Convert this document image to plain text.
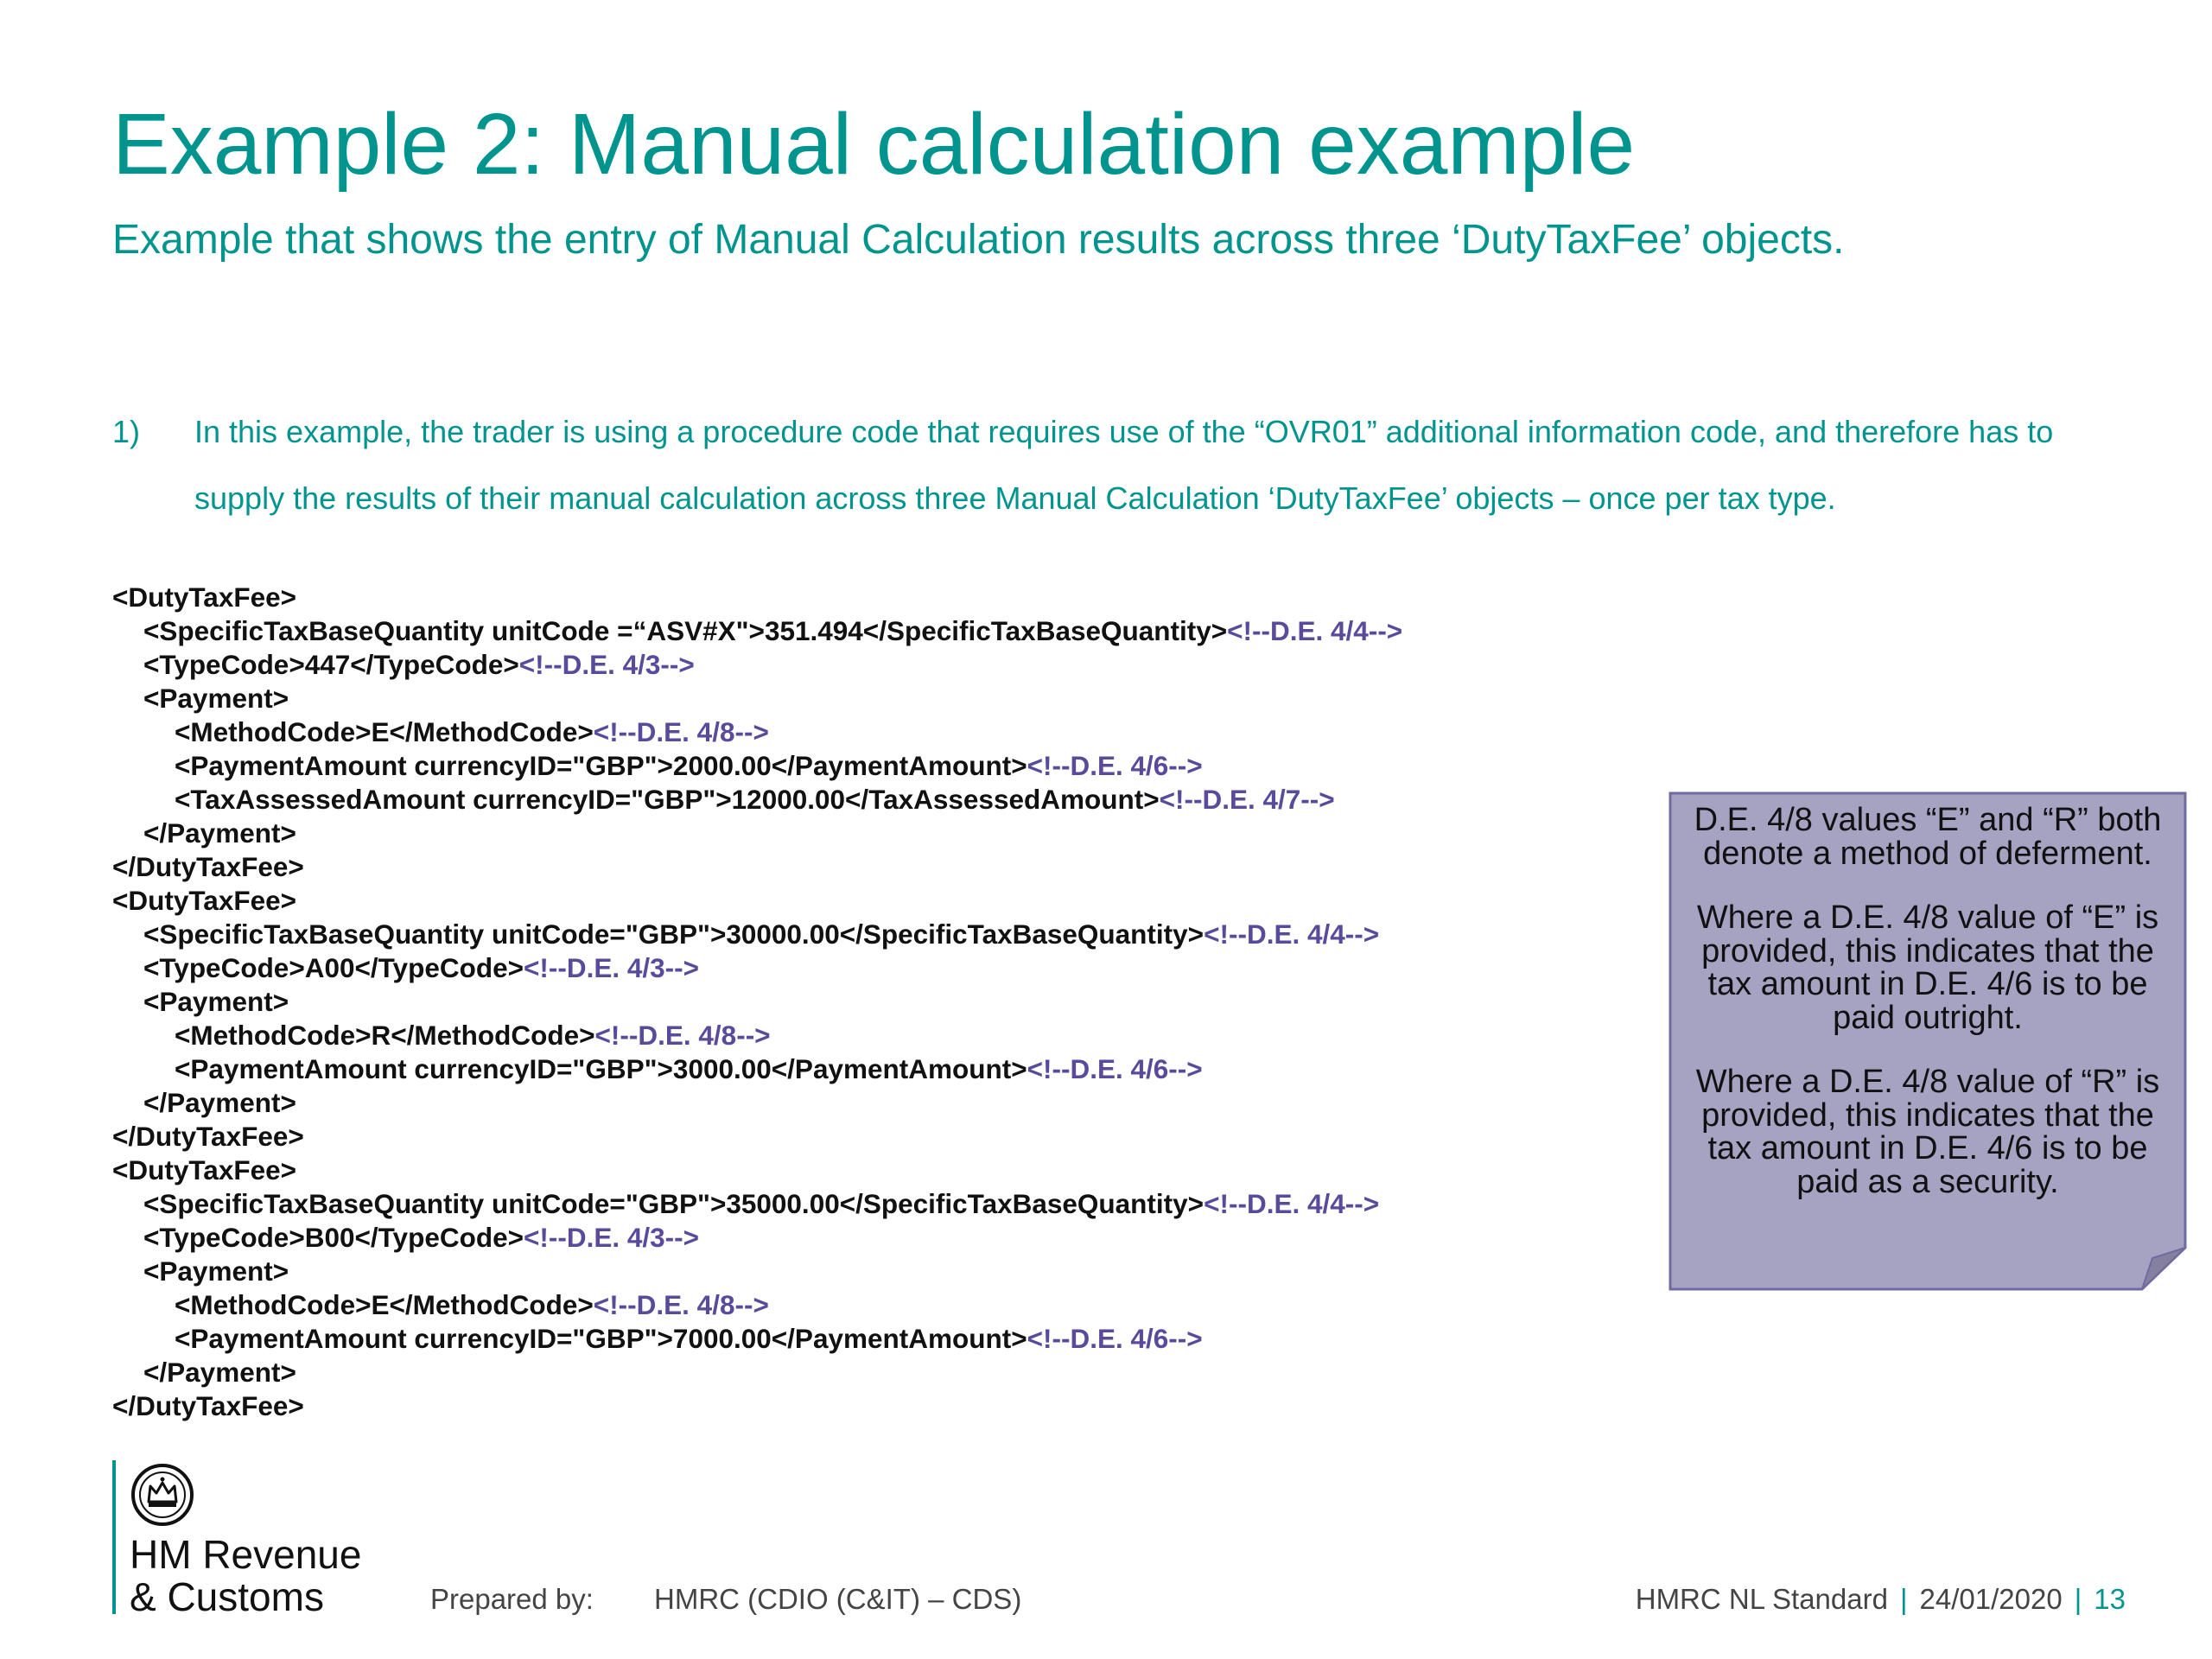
Example 2: Manual calculation example

Example that shows the entry of Manual Calculation results across three ‘DutyTaxFee’ objects.

1) In this example, the trader is using a procedure code that requires use of the “OVR01” additional information code, and therefore has to
supply the results of their manual calculation across three Manual Calculation ‘DutyTaxFee’ objects – once per tax type.
<DutyTaxFee>
<SpecificTaxBaseQuantity unitCode =“ASV#X">351.494</SpecificTaxBaseQuantity><!--D.E. 4/4-->
<TypeCode>447</TypeCode><!--D.E. 4/3-->
<Payment>
<MethodCode>E</MethodCode><!--D.E. 4/8-->
<PaymentAmount currencyID="GBP">2000.00</PaymentAmount><!--D.E. 4/6-->
<TaxAssessedAmount currencyID="GBP">12000.00</TaxAssessedAmount><!--D.E. 4/7-->
</Payment>
</DutyTaxFee>
<DutyTaxFee>
<SpecificTaxBaseQuantity unitCode="GBP">30000.00</SpecificTaxBaseQuantity><!--D.E. 4/4-->
<TypeCode>A00</TypeCode><!--D.E. 4/3-->
<Payment>
<MethodCode>R</MethodCode><!--D.E. 4/8-->
<PaymentAmount currencyID="GBP">3000.00</PaymentAmount><!--D.E. 4/6-->
</Payment>
</DutyTaxFee>
<DutyTaxFee>
<SpecificTaxBaseQuantity unitCode="GBP">35000.00</SpecificTaxBaseQuantity><!--D.E. 4/4-->
<TypeCode>B00</TypeCode><!--D.E. 4/3-->
<Payment>
<MethodCode>E</MethodCode><!--D.E. 4/8-->
<PaymentAmount currencyID="GBP">7000.00</PaymentAmount><!--D.E. 4/6-->
</Payment>
</DutyTaxFee>

D.E. 4/8 values “E” and “R” both denote a method of deferment.

Where a D.E. 4/8 value of “E” is provided, this indicates that the tax amount in D.E. 4/6 is to be paid outright.

Where a D.E. 4/8 value of “R” is provided, this indicates that the tax amount in D.E. 4/6 is to be paid as a security.

HM Revenue
& Customs	Prepared by: HMRC (CDIO (C&IT) – CDS)	HMRC NL Standard | 24/01/2020 | 13
